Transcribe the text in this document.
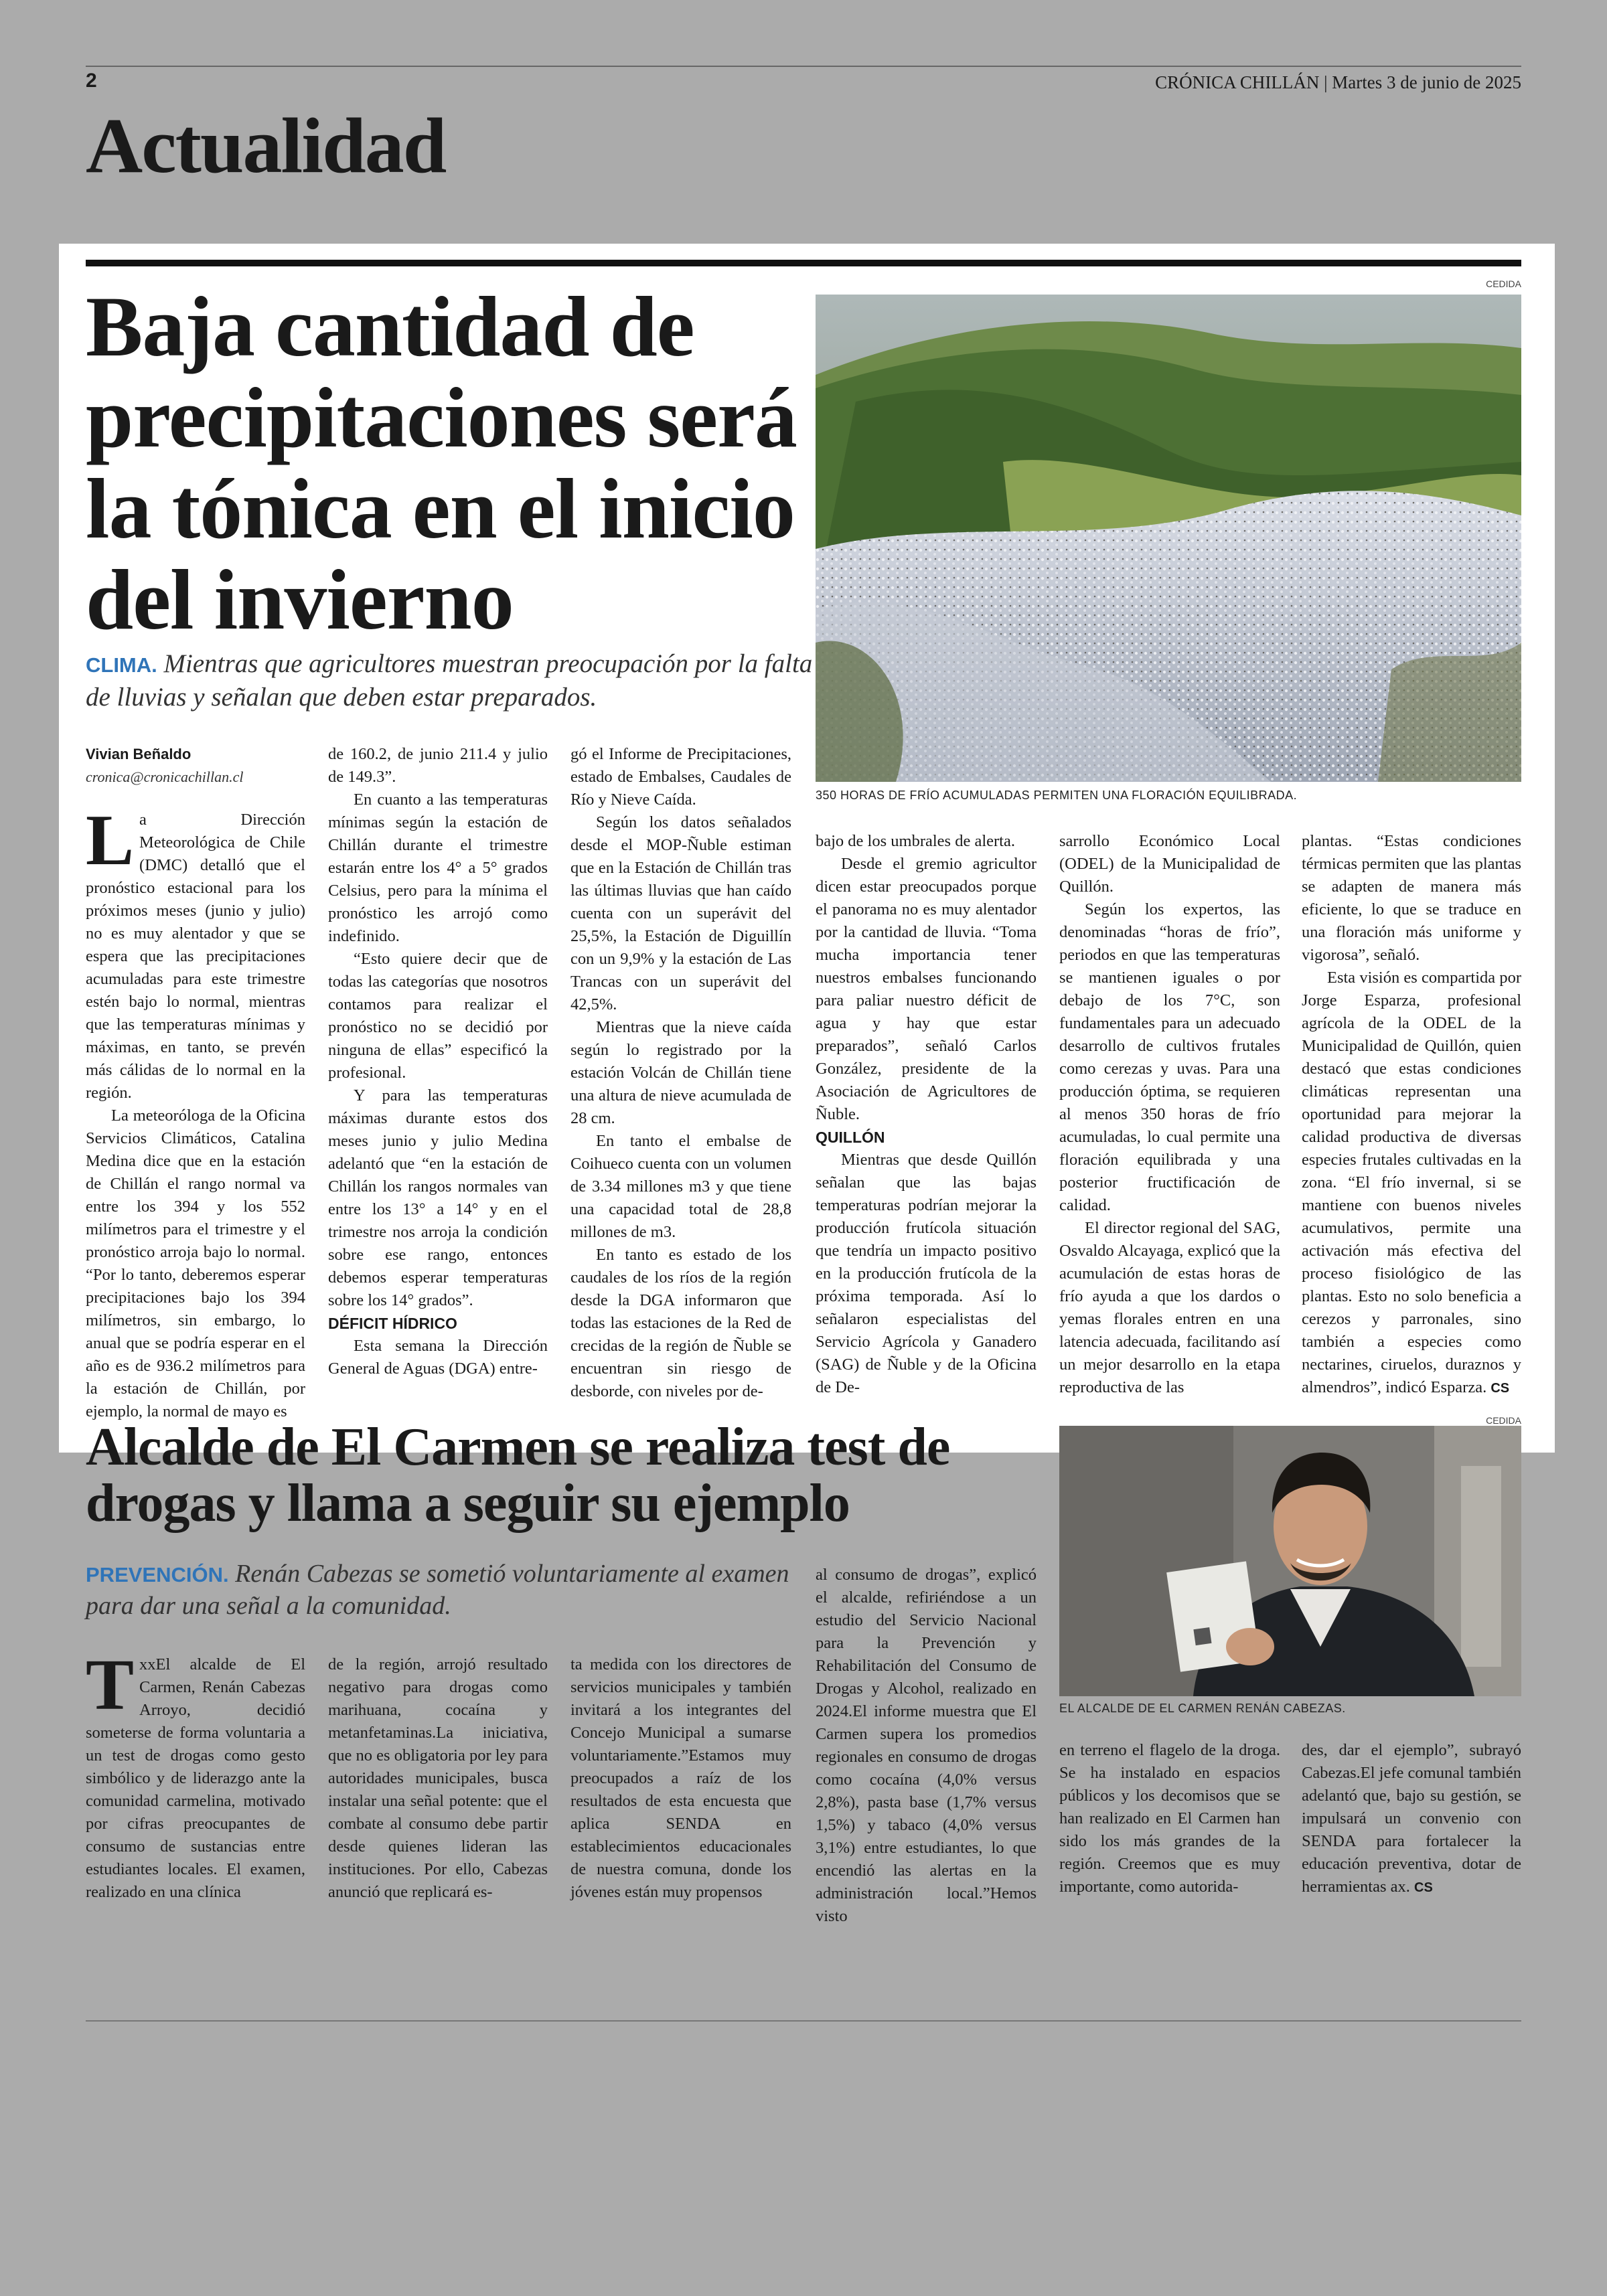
2	CRÓNICA CHILLÁN | Martes 3 de junio de 2025
Actualidad
Baja cantidad de precipitaciones será la tónica en el inicio del invierno
CLIMA. Mientras que agricultores muestran preocupación por la falta de lluvias y señalan que deben estar preparados.
CEDIDA
350 HORAS DE FRÍO ACUMULADAS PERMITEN UNA FLORACIÓN EQUILIBRADA.
Vivian Beñaldo
cronica@cronicachillan.cl

La Dirección Meteorológica de Chile (DMC) detalló que el pronóstico estacional para los próximos meses (junio y julio) no es muy alentador y que se espera que las precipitaciones acumuladas para este trimestre estén bajo lo normal, mientras que las temperaturas mínimas y máximas, en tanto, se prevén más cálidas de lo normal en la región.

La meteoróloga de la Oficina Servicios Climáticos, Catalina Medina dice que en la estación de Chillán el rango normal va entre los 394 y los 552 milímetros para el trimestre y el pronóstico arroja bajo lo normal. “Por lo tanto, deberemos esperar precipitaciones bajo los 394 milímetros, sin embargo, lo anual que se podría esperar en el año es de 936.2 milímetros para la estación de Chillán, por ejemplo, la normal de mayo es

de 160.2, de junio 211.4 y julio de 149.3”.

En cuanto a las temperaturas mínimas según la estación de Chillán durante el trimestre estarán entre los 4° a 5° grados Celsius, pero para la mínima el pronóstico les arrojó como indefinido.

“Esto quiere decir que de todas las categorías que nosotros contamos para realizar el pronóstico no se decidió por ninguna de ellas” especificó la profesional.

Y para las temperaturas máximas durante estos dos meses junio y julio Medina adelantó que “en la estación de Chillán los rangos normales van entre los 13° a 14° y en el trimestre nos arroja la condición sobre ese rango, entonces debemos esperar temperaturas sobre los 14° grados”.

DÉFICIT HÍDRICO

Esta semana la Dirección General de Aguas (DGA) entre-

gó el Informe de Precipitaciones, estado de Embalses, Caudales de Río y Nieve Caída.

Según los datos señalados desde el MOP-Ñuble estiman que en la Estación de Chillán tras las últimas lluvias que han caído cuenta con un superávit del 25,5%, la Estación de Diguillín con un 9,9% y la estación de Las Trancas con un superávit del 42,5%.

Mientras que la nieve caída según lo registrado por la estación Volcán de Chillán tiene una altura de nieve acumulada de 28 cm.

En tanto el embalse de Coihueco cuenta con un volumen de 3.34 millones m3 y que tiene una capacidad total de 28,8 millones de m3.

En tanto es estado de los caudales de los ríos de la región desde la DGA informaron que todas las estaciones de la Red de crecidas de la región de Ñuble se encuentran sin riesgo de desborde, con niveles por de-

bajo de los umbrales de alerta.

Desde el gremio agricultor dicen estar preocupados porque el panorama no es muy alentador por la cantidad de lluvia. “Toma mucha importancia tener nuestros embalses funcionando para paliar nuestro déficit de agua y hay que estar preparados”, señaló Carlos González, presidente de la Asociación de Agricultores de Ñuble.

QUILLÓN

Mientras que desde Quillón señalan que las bajas temperaturas podrían mejorar la producción frutícola situación que tendría un impacto positivo en la producción frutícola de la próxima temporada. Así lo señalaron especialistas del Servicio Agrícola y Ganadero (SAG) de Ñuble y de la Oficina de De-

sarrollo Económico Local (ODEL) de la Municipalidad de Quillón.

Según los expertos, las denominadas “horas de frío”, periodos en que las temperaturas se mantienen iguales o por debajo de los 7°C, son fundamentales para un adecuado desarrollo de cultivos frutales como cerezas y uvas. Para una producción óptima, se requieren al menos 350 horas de frío acumuladas, lo cual permite una floración equilibrada y una posterior fructificación de calidad.

El director regional del SAG, Osvaldo Alcayaga, explicó que la acumulación de estas horas de frío ayuda a que los dardos o yemas florales entren en una latencia adecuada, facilitando así un mejor desarrollo en la etapa reproductiva de las

plantas. “Estas condiciones térmicas permiten que las plantas se adapten de manera más eficiente, lo que se traduce en una floración más uniforme y vigorosa”, señaló.

Esta visión es compartida por Jorge Esparza, profesional agrícola de la ODEL de la Municipalidad de Quillón, quien destacó que estas condiciones climáticas representan una oportunidad para mejorar la calidad productiva de diversas especies frutales cultivadas en la zona. “El frío invernal, si se mantiene con buenos niveles acumulativos, permite una activación más efectiva del proceso fisiológico de las plantas. Esto no solo beneficia a cerezos y parronales, sino también a especies como nectarines, ciruelos, duraznos y almendros”, indicó Esparza. CS

Alcalde de El Carmen se realiza test de drogas y llama a seguir su ejemplo
PREVENCIÓN. Renán Cabezas se sometió voluntariamente al examen para dar una señal a la comunidad.
CEDIDA
EL ALCALDE DE EL CARMEN RENÁN CABEZAS.

TxxEl alcalde de El Carmen, Renán Cabezas Arroyo, decidió someterse de forma voluntaria a un test de drogas como gesto simbólico y de liderazgo ante la comunidad carmelina, motivado por cifras preocupantes de consumo de sustancias entre estudiantes locales. El examen, realizado en una clínica

de la región, arrojó resultado negativo para drogas como marihuana, cocaína y metanfetaminas.La iniciativa, que no es obligatoria por ley para autoridades municipales, busca instalar una señal potente: que el combate al consumo debe partir desde quienes lideran las instituciones. Por ello, Cabezas anunció que replicará es-

ta medida con los directores de servicios municipales y también invitará a los integrantes del Concejo Municipal a sumarse voluntariamente.”Estamos muy preocupados a raíz de los resultados de esta encuesta que aplica SENDA en establecimientos educacionales de nuestra comuna, donde los jóvenes están muy propensos

al consumo de drogas”, explicó el alcalde, refiriéndose a un estudio del Servicio Nacional para la Prevención y Rehabilitación del Consumo de Drogas y Alcohol, realizado en 2024.El informe muestra que El Carmen supera los promedios regionales en consumo de drogas como cocaína (4,0% versus 2,8%), pasta base (1,7% versus 1,5%) y tabaco (4,0% versus 3,1%) entre estudiantes, lo que encendió las alertas en la administración local.”Hemos visto

en terreno el flagelo de la droga. Se ha instalado en espacios públicos y los decomisos que se han realizado en El Carmen han sido los más grandes de la región. Creemos que es muy importante, como autorida-

des, dar el ejemplo”, subrayó Cabezas.El jefe comunal también adelantó que, bajo su gestión, se impulsará un convenio con SENDA para fortalecer la educación preventiva, dotar de herramientas ax. CS
